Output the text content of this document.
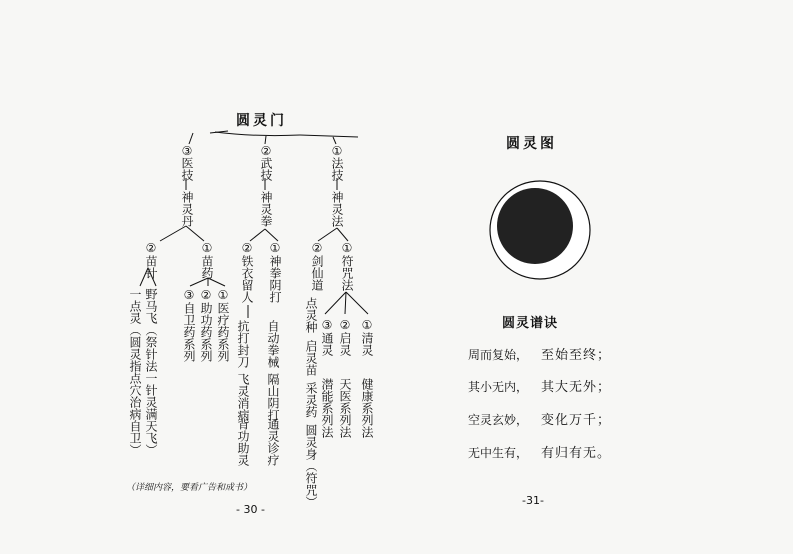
圆灵门
③
医技
神灵丹
②苗针
①苗药
一点灵（圆灵指点穴治病自卫） 野马飞（祭针法一针灵满天飞） ③自卫药系列 ②助功药系列 ①医疗药系列
②
武技
神灵拳
②铁衣留人
①神拳阴打
抗打封刀
飞灵消病
背功助灵
自动拳械
隔山阴打
通灵诊疗
①
法技
神灵法
②剑仙道
①符咒法
点灵种
启灵苗
采灵药
圆灵身（符咒）
③通灵
潜能系列法
②启灵
天医系列法
①清灵
健康系列法
（详细内容，要看广告和成书）
- 30 -
圆灵图
圆灵谱诀
周而复始， 至始至终；
其小无内， 其大无外；
空灵玄妙， 变化万千；
无中生有， 有归有无。
-31-
